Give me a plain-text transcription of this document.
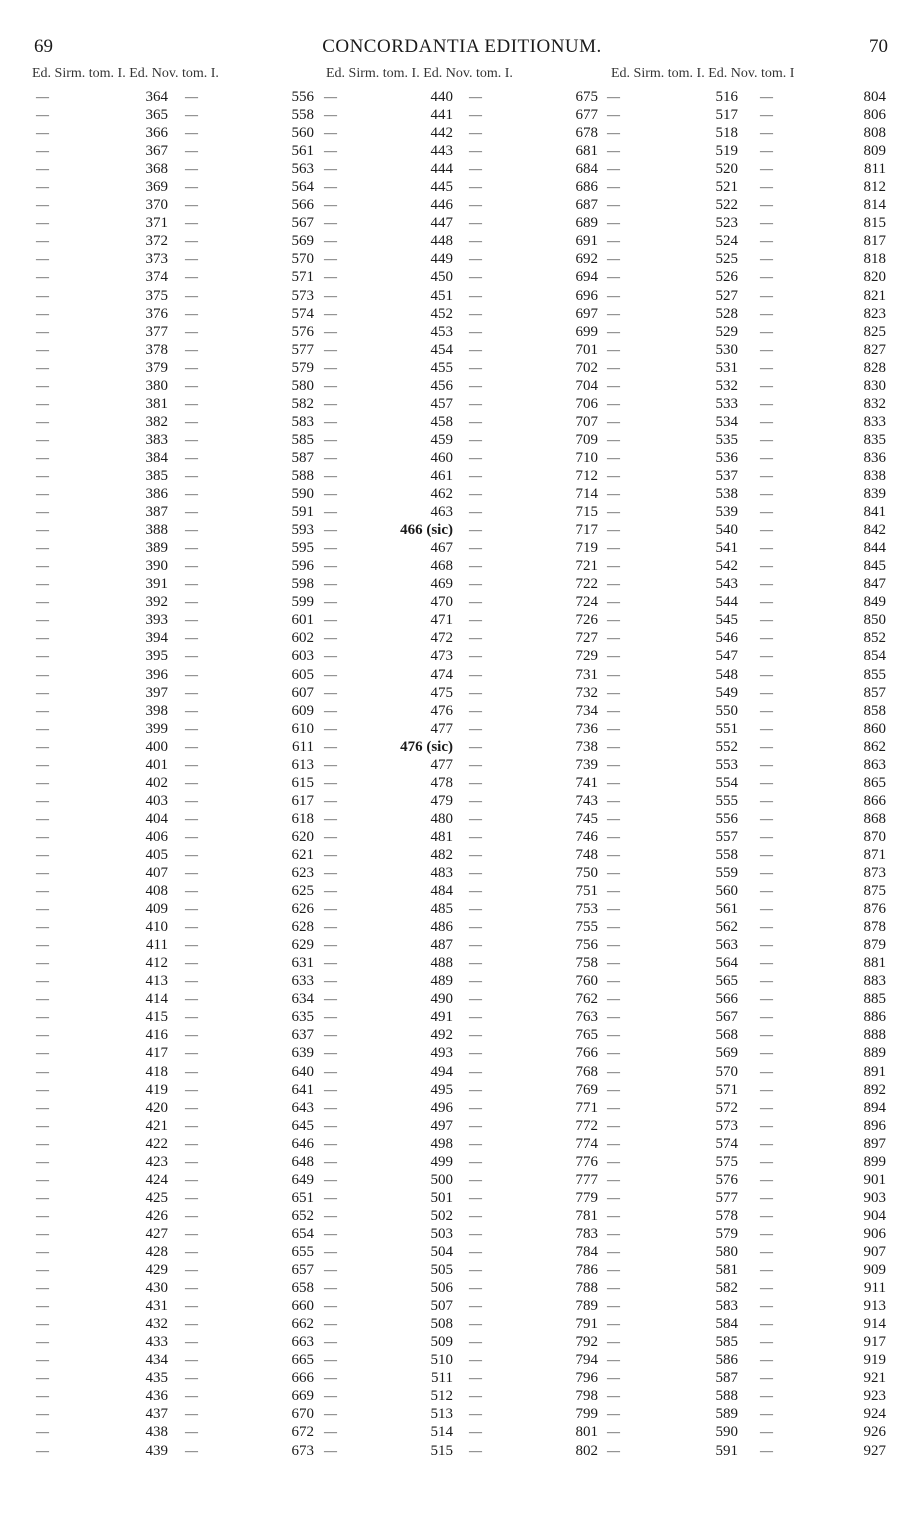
69	CONCORDANTIA EDITIONUM.	70
Ed. Sirm. tom. I. Ed. Nov. tom. I.	Ed. Sirm. tom. I. Ed. Nov. tom. I.	Ed. Sirm. tom. I. Ed. Nov. tom. I
—	364 —	556 —	440 —	675 —	516 —	804
—	365 —	558 —	441 —	677 —	517 —	806
—	366 —	560 —	442 —	678 —	518 —	808
—	367 —	561 —	443 —	681 —	519 —	809
—	368 —	563 —	444 —	684 —	520 —	811
—	369 —	564 —	445 —	686 —	521 —	812
—	370 —	566 —	446 —	687 —	522 —	814
—	371 —	567 —	447 —	689 —	523 —	815
—	372 —	569 —	448 —	691 —	524 —	817
—	373 —	570 —	449 —	692 —	525 —	818
—	374 —	571 —	450 —	694 —	526 —	820
—	375 —	573 —	451 —	696 —	527 —	821
—	376 —	574 —	452 —	697 —	528 —	823
—	377 —	576 —	453 —	699 —	529 —	825
—	378 —	577 —	454 —	701 —	530 —	827
—	379 —	579 —	455 —	702 —	531 —	828
—	380 —	580 —	456 —	704 —	532 —	830
—	381 —	582 —	457 —	706 —	533 —	832
—	382 —	583 —	458 —	707 —	534 —	833
—	383 —	585 —	459 —	709 —	535 —	835
—	384 —	587 —	460 —	710 —	536 —	836
—	385 —	588 —	461 —	712 —	537 —	838
—	386 —	590 —	462 —	714 —	538 —	839
—	387 —	591 —	463 —	715 —	539 —	841
—	388 —	593 —	466 (sic) —	717 —	540 —	842
—	389 —	595 —	467 —	719 —	541 —	844
—	390 —	596 —	468 —	721 —	542 —	845
—	391 —	598 —	469 —	722 —	543 —	847
—	392 —	599 —	470 —	724 —	544 —	849
—	393 —	601 —	471 —	726 —	545 —	850
—	394 —	602 —	472 —	727 —	546 —	852
—	395 —	603 —	473 —	729 —	547 —	854
—	396 —	605 —	474 —	731 —	548 —	855
—	397 —	607 —	475 —	732 —	549 —	857
—	398 —	609 —	476 —	734 —	550 —	858
—	399 —	610 —	477 —	736 —	551 —	860
—	400 —	611 —	476 (sic) —	738 —	552 —	862
—	401 —	613 —	477 —	739 —	553 —	863
—	402 —	615 —	478 —	741 —	554 —	865
—	403 —	617 —	479 —	743 —	555 —	866
—	404 —	618 —	480 —	745 —	556 —	868
—	406 —	620 —	481 —	746 —	557 —	870
—	405 —	621 —	482 —	748 —	558 —	871
—	407 —	623 —	483 —	750 —	559 —	873
—	408 —	625 —	484 —	751 —	560 —	875
—	409 —	626 —	485 —	753 —	561 —	876
—	410 —	628 —	486 —	755 —	562 —	878
—	411 —	629 —	487 —	756 —	563 —	879
—	412 —	631 —	488 —	758 —	564 —	881
—	413 —	633 —	489 —	760 —	565 —	883
—	414 —	634 —	490 —	762 —	566 —	885
—	415 —	635 —	491 —	763 —	567 —	886
—	416 —	637 —	492 —	765 —	568 —	888
—	417 —	639 —	493 —	766 —	569 —	889
—	418 —	640 —	494 —	768 —	570 —	891
—	419 —	641 —	495 —	769 —	571 —	892
—	420 —	643 —	496 —	771 —	572 —	894
—	421 —	645 —	497 —	772 —	573 —	896
—	422 —	646 —	498 —	774 —	574 —	897
—	423 —	648 —	499 —	776 —	575 —	899
—	424 —	649 —	500 —	777 —	576 —	901
—	425 —	651 —	501 —	779 —	577 —	903
—	426 —	652 —	502 —	781 —	578 —	904
—	427 —	654 —	503 —	783 —	579 —	906
—	428 —	655 —	504 —	784 —	580 —	907
—	429 —	657 —	505 —	786 —	581 —	909
—	430 —	658 —	506 —	788 —	582 —	911
—	431 —	660 —	507 —	789 —	583 —	913
—	432 —	662 —	508 —	791 —	584 —	914
—	433 —	663 —	509 —	792 —	585 —	917
—	434 —	665 —	510 —	794 —	586 —	919
—	435 —	666 —	511 —	796 —	587 —	921
—	436 —	669 —	512 —	798 —	588 —	923
—	437 —	670 —	513 —	799 —	589 —	924
—	438 —	672 —	514 —	801 —	590 —	926
—	439 —	673 —	515 —	802 —	591 —	927
